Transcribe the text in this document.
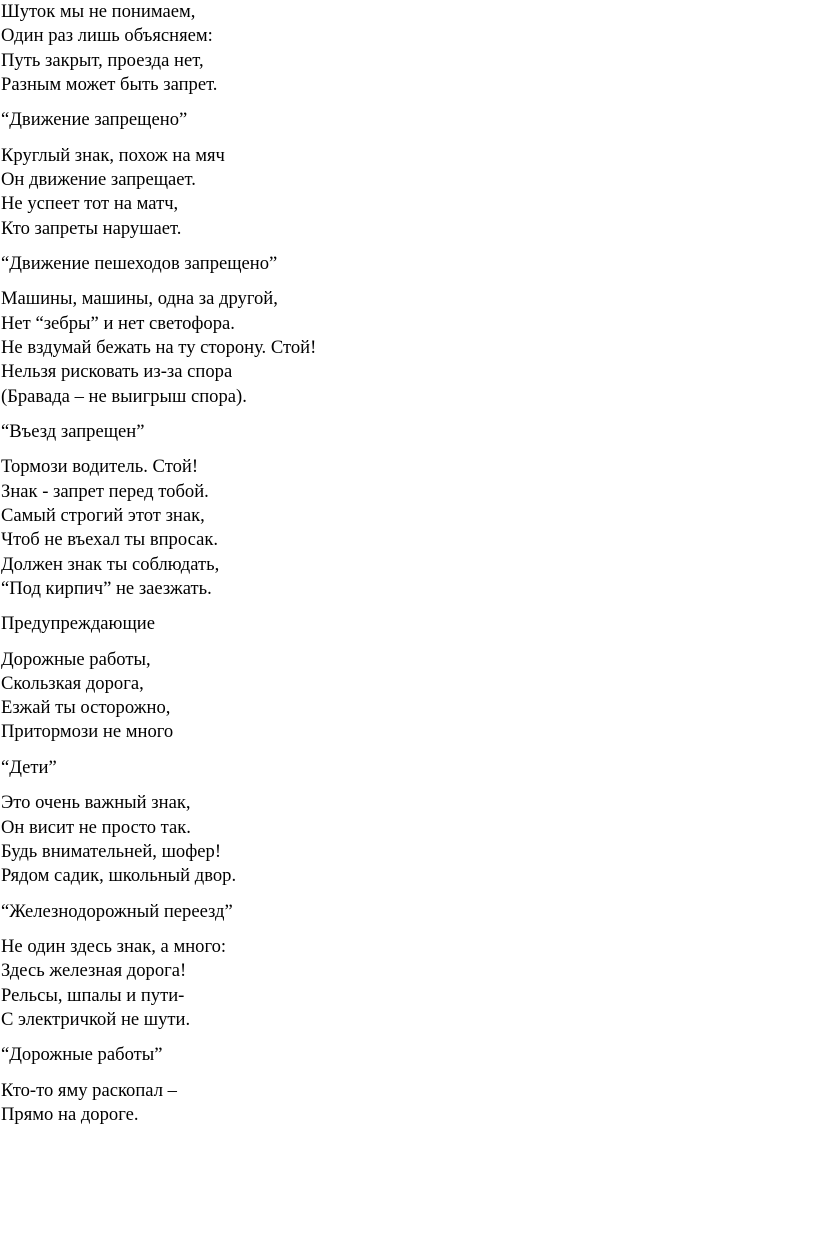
Шуток мы не понимаем,
Один раз лишь объясняем:
Путь закрыт, проезда нет,
Разным может быть запрет.
“Движение запрещено”
Круглый знак, похож на мяч
Он движение запрещает.
Не успеет тот на матч,
Кто запреты нарушает.
“Движение пешеходов запрещено”
Машины, машины, одна за другой,
Нет “зебры” и нет светофора.
Не вздумай бежать на ту сторону. Стой!
Нельзя рисковать из-за спора
(Бравада – не выигрыш спора).
“Въезд запрещен”
Тормози водитель. Стой!
Знак - запрет перед тобой.
Самый строгий этот знак,
Чтоб не въехал ты впросак.
Должен знак ты соблюдать,
“Под кирпич” не заезжать.
Предупреждающие
Дорожные работы,
Скользкая дорога,
Езжай ты осторожно,
Притормози не много
“Дети”
Это очень важный знак,
Он висит не просто так.
Будь внимательней, шофер!
Рядом садик, школьный двор.
“Железнодорожный переезд”
Не один здесь знак, а много:
Здесь железная дорога!
Рельсы, шпалы и пути-
С электричкой не шути.
“Дорожные работы”
Кто-то яму раскопал –
Прямо на дороге.
